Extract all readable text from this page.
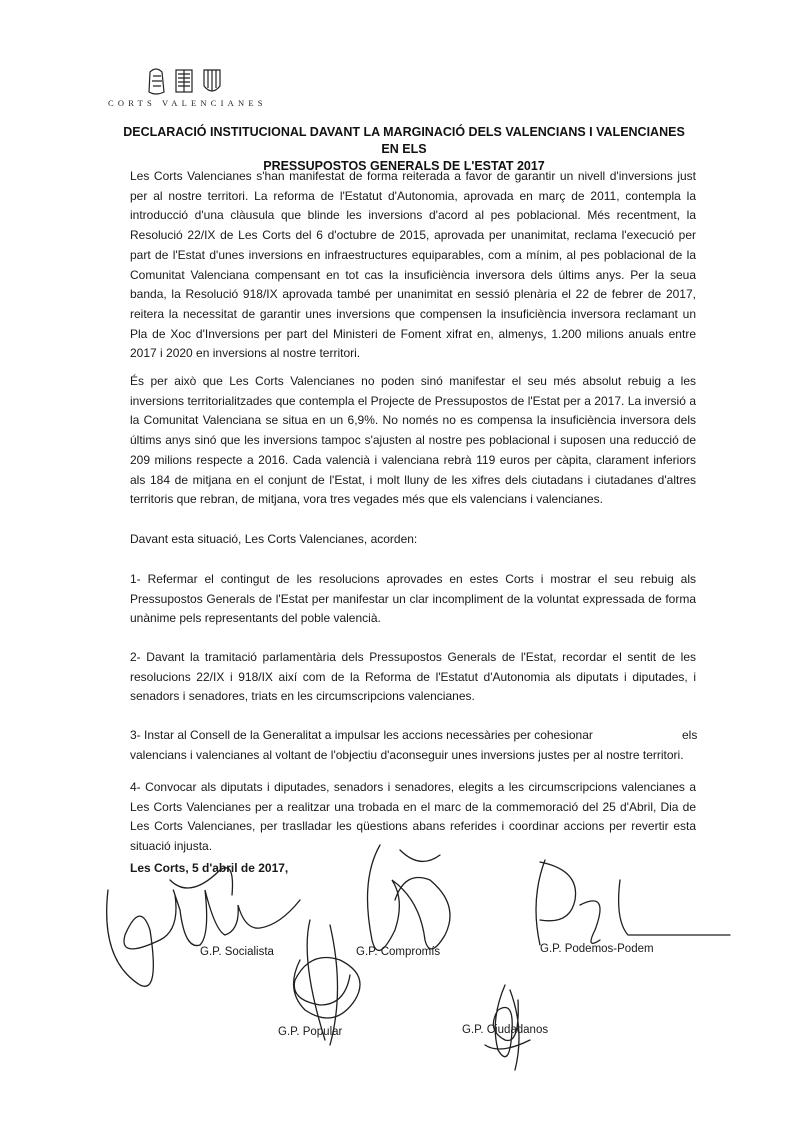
CORTS VALENCIANES
DECLARACIÓ INSTITUCIONAL DAVANT LA MARGINACIÓ DELS VALENCIANS I VALENCIANES EN ELS
PRESSUPOSTOS GENERALS DE L'ESTAT 2017
Les Corts Valencianes s'han manifestat de forma reiterada a favor de garantir un nivell d'inversions just per al nostre territori. La reforma de l'Estatut d'Autonomia, aprovada en març de 2011, contempla la introducció d'una clàusula que blinde les inversions d'acord al pes poblacional. Més recentment, la Resolució 22/IX de Les Corts del 6 d'octubre de 2015, aprovada per unanimitat, reclama l'execució per part de l'Estat d'unes inversions en infraestructures equiparables, com a mínim, al pes poblacional de la Comunitat Valenciana compensant en tot cas la insuficiència inversora dels últims anys. Per la seua banda, la Resolució 918/IX aprovada també per unanimitat en sessió plenària el 22 de febrer de 2017, reitera la necessitat de garantir unes inversions que compensen la insuficiència inversora reclamant un Pla de Xoc d'Inversions per part del Ministeri de Foment xifrat en, almenys, 1.200 milions anuals entre 2017 i 2020 en inversions al nostre territori.
És per això que Les Corts Valencianes no poden sinó manifestar el seu més absolut rebuig a les inversions territorialitzades que contempla el Projecte de Pressupostos de l'Estat per a 2017. La inversió a la Comunitat Valenciana se situa en un 6,9%. No només no es compensa la insuficiència inversora dels últims anys sinó que les inversions tampoc s'ajusten al nostre pes poblacional i suposen una reducció de 209 milions respecte a 2016. Cada valencià i valenciana rebrà 119 euros per càpita, clarament inferiors als 184 de mitjana en el conjunt de l'Estat, i molt lluny de les xifres dels ciutadans i ciutadanes d'altres territoris que rebran, de mitjana, vora tres vegades més que els valencians i valencianes.
Davant esta situació, Les Corts Valencianes, acorden:
1- Refermar el contingut de les resolucions aprovades en estes Corts i mostrar el seu rebuig als Pressupostos Generals de l'Estat per manifestar un clar incompliment de la voluntat expressada de forma unànime pels representants del poble valencià.
2- Davant la tramitació parlamentària dels Pressupostos Generals de l'Estat, recordar el sentit de les resolucions 22/IX i 918/IX així com de la Reforma de l'Estatut d'Autonomia als diputats i diputades, i senadors i senadores, triats en les circumscripcions valencianes.
3- Instar al Consell de la Generalitat a impulsar les accions necessàries per cohesionar	els
valencians i valencianes al voltant de l'objectiu d'aconseguir unes inversions justes per al nostre territori.
4- Convocar als diputats i diputades, senadors i senadores, elegits a les circumscripcions valencianes a Les Corts Valencianes per a realitzar una trobada en el marc de la commemoració del 25 d'Abril, Dia de Les Corts Valencianes, per traslladar les qüestions abans referides i coordinar accions per revertir esta situació injusta.
Les Corts, 5 d'abril de 2017,
G.P. Socialista	G.P. Compromís	G.P. Podemos-Podem
G.P. Popular	G.P. Ciudadanos
